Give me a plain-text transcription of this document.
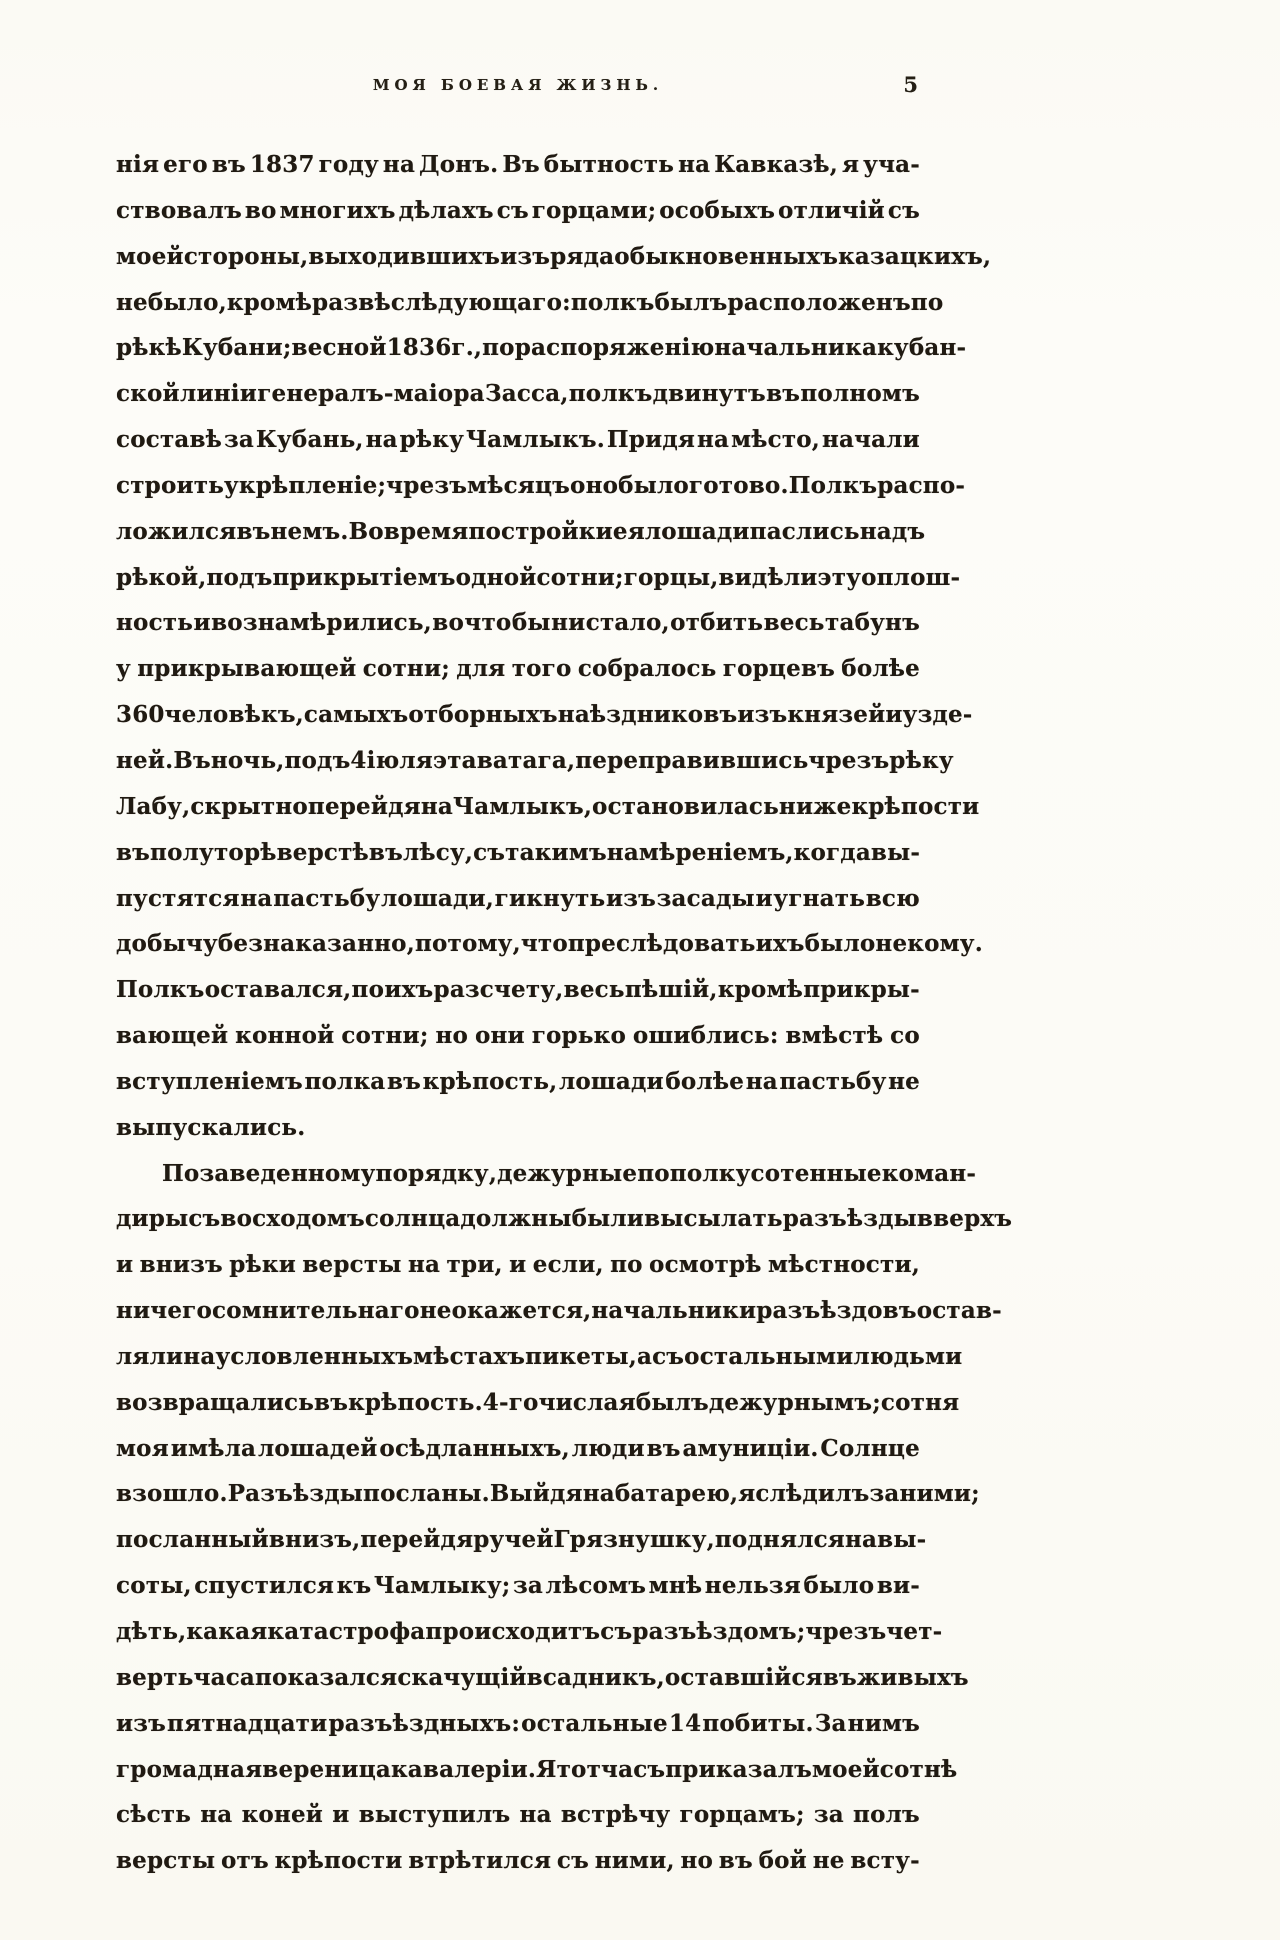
МОЯ БОЕВАЯ ЖИЗНЬ.	5
нія его въ 1837 году на Донъ. Въ бытность на Кавказѣ, я уча-
ствовалъ во многихъ дѣлахъ съ горцами; особыхъ отличій съ
моей стороны, выходившихъ изъ ряда обыкновенныхъ казацкихъ,
не было, кромѣ развѣ слѣдующаго: полкъ былъ расположенъ по
рѣкѣ Кубани; весной 1836 г., по распоряженію начальника кубан-
ской линіи генералъ-маіора Засса, полкъ двинутъ въ полномъ
составѣ за Кубань, на рѣку Чамлыкъ. Придя на мѣсто, начали
строить укрѣпленіе; чрезъ мѣсяцъ оно было готово. Полкъ распо-
ложился въ немъ. Во время постройки ея лошади паслись надъ
рѣкой, подъ прикрытіемъ одной сотни; горцы, видѣли эту оплош-
ность и вознамѣрились, во что бы ни стало, отбить весь табунъ
у прикрывающей сотни; для того собралось горцевъ болѣе
360 человѣкъ, самыхъ отборныхъ наѣздниковъ изъ князей и узде-
ней. Въ ночь, подъ 4 іюля эта ватага, переправившись чрезъ рѣку
Лабу, скрытно перейдя на Чамлыкъ, остановилась ниже крѣпости
въ полуторѣ верстѣ въ лѣсу, съ такимъ намѣреніемъ, когда вы-
пустятся на пастьбу лошади, гикнуть изъ засады и угнать всю
добычу безнаказанно, потому, что преслѣдовать ихъ было не кому.
Полкъ оставался, по ихъ разсчету, весь пѣшій, кромѣ прикры-
вающей конной сотни; но они горько ошиблись: вмѣстѣ со
вступленіемъ полка въ крѣпость, лошади болѣе на пастьбу не
выпускались.
По заведенному порядку, дежурные по полку сотенные коман-
диры съ восходомъ солнца должны были высылать разъѣзды вверхъ
и внизъ рѣки версты на три, и если, по осмотрѣ мѣстности,
ничего сомнительнаго не окажется, начальники разъѣздовъ остав-
ляли на условленныхъ мѣстахъ пикеты, а съ остальными людьми
возвращались въ крѣпость. 4-го числа я былъ дежурнымъ; сотня
моя имѣла лошадей осѣдланныхъ, люди въ амуниціи. Солнце
взошло. Разъѣзды посланы. Выйдя на батарею, я слѣдилъ за ними;
посланный внизъ, перейдя ручей Грязнушку, поднялся на вы-
соты, спустился къ Чамлыку; за лѣсомъ мнѣ нельзя было ви-
дѣть, какая катастрофа происходитъ съ разъѣздомъ; чрезъ чет-
верть часа показался скачущій всадникъ, оставшійся въ живыхъ
изъ пятнадцати разъѣздныхъ: остальные 14 побиты. За нимъ
громадная вереница кавалеріи. Я тотчасъ приказалъ моей сотнѣ
сѣсть на коней и выступилъ на встрѣчу горцамъ; за полъ
версты отъ крѣпости втрѣтился съ ними, но въ бой не всту-
